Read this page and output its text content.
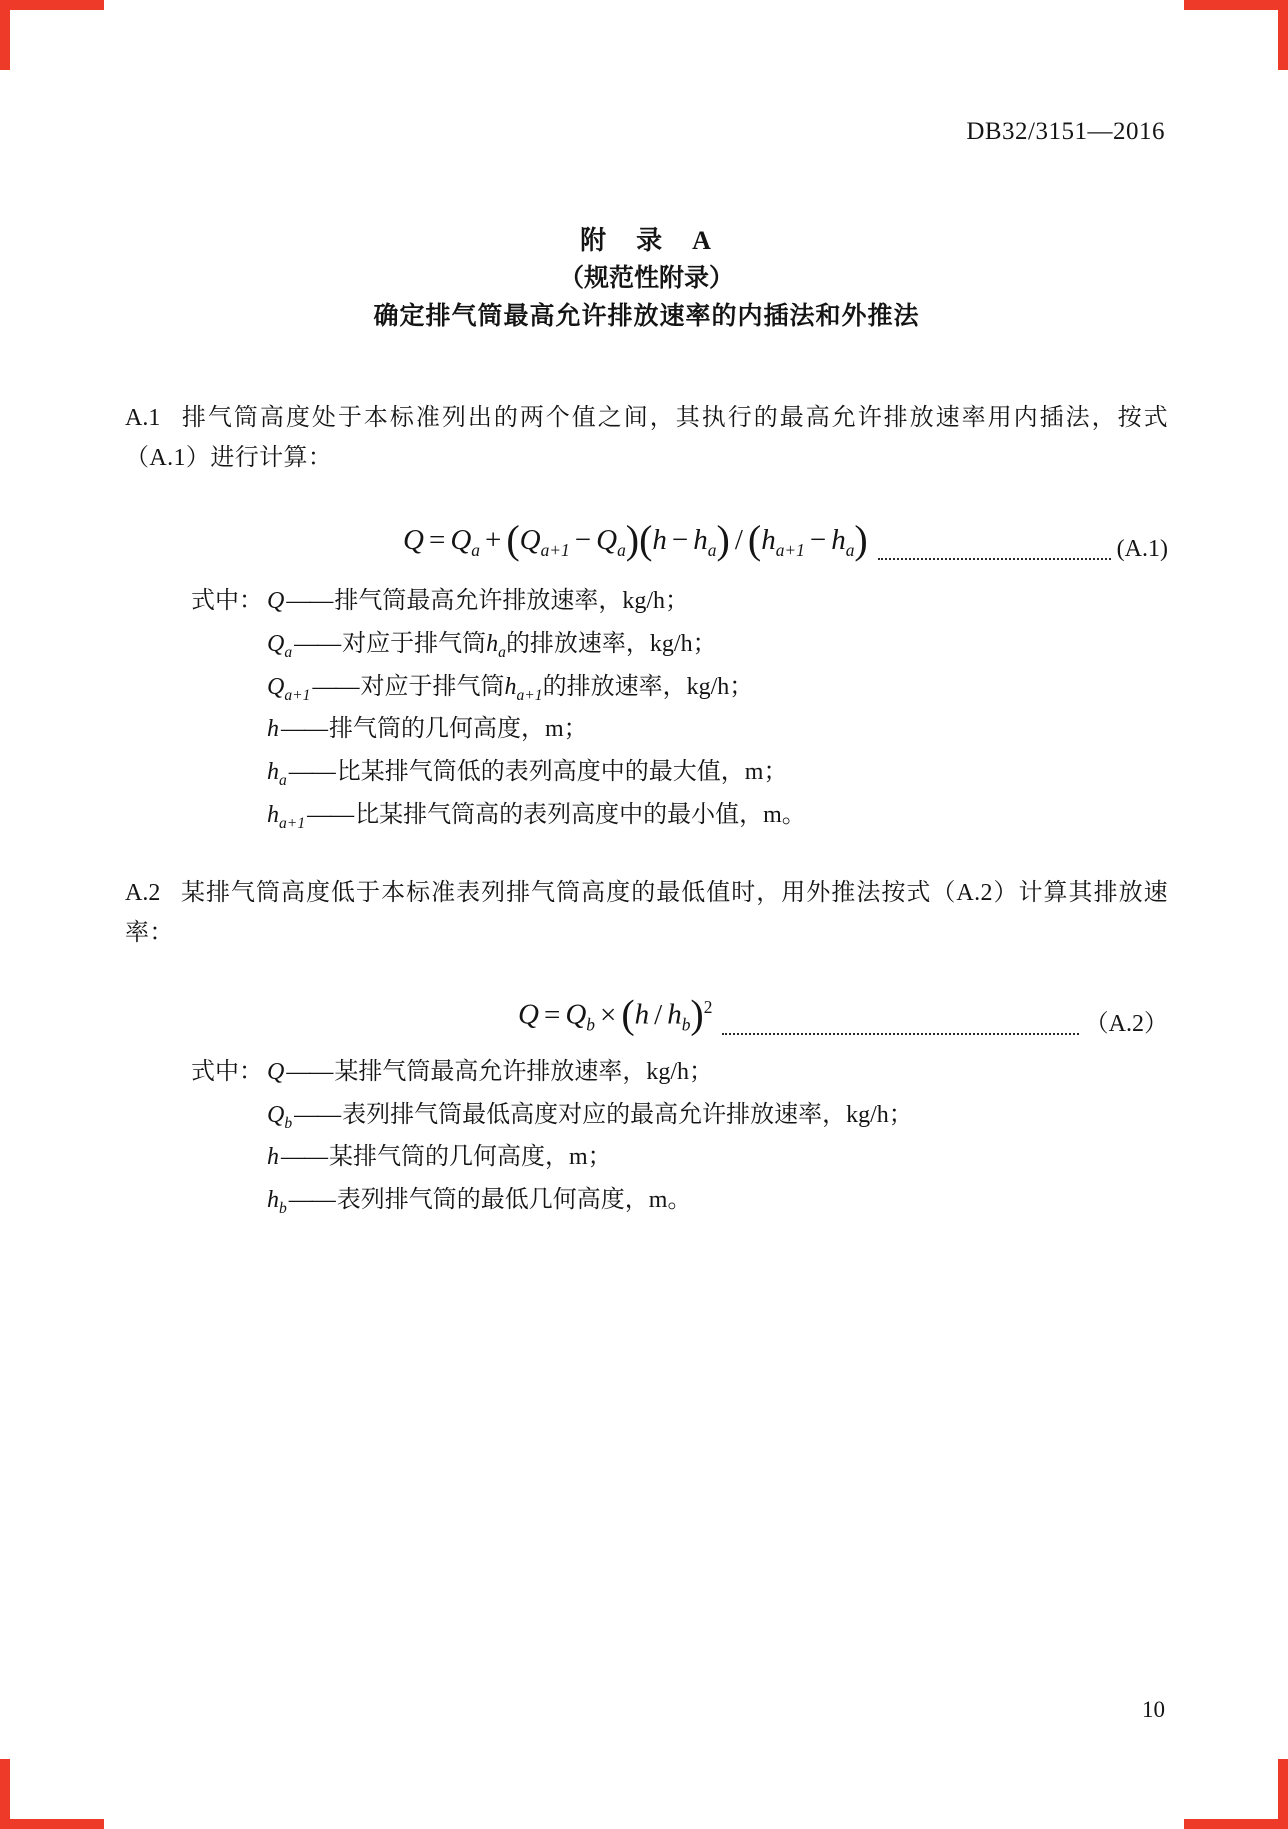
DB32/3151—2016
附　录　A
（规范性附录）
确定排气筒最高允许排放速率的内插法和外推法

A.1 排气筒高度处于本标准列出的两个值之间，其执行的最高允许排放速率用内插法，按式（A.1）进行计算：

$Q = Q_a + (Q_{a+1} - Q_a)(h - h_a) / (h_{a+1} - h_a)$	(A.1)
式中： Q——排气筒最高允许排放速率，kg/h；
$Q_a——$对应于排气筒$h_a$的排放速率，kg/h；
$Q_{a+1}——$对应于排气筒$h_{a+1}$的排放速率，kg/h；
h——排气筒的几何高度，m；
$h_a——$比某排气筒低的表列高度中的最大值，m；
$h_{a+1}——$比某排气筒高的表列高度中的最小值，m。

A.2 某排气筒高度低于本标准表列排气筒高度的最低值时，用外推法按式（A.2）计算其排放速率：

$Q = Q_b \times (h / h_b)^2$
（A.2）
式中： Q——某排气筒最高允许排放速率，kg/h；
$Q_b——$表列排气筒最低高度对应的最高允许排放速率，kg/h；
h——某排气筒的几何高度，m；
$h_b——$表列排气筒的最低几何高度，m。
10
